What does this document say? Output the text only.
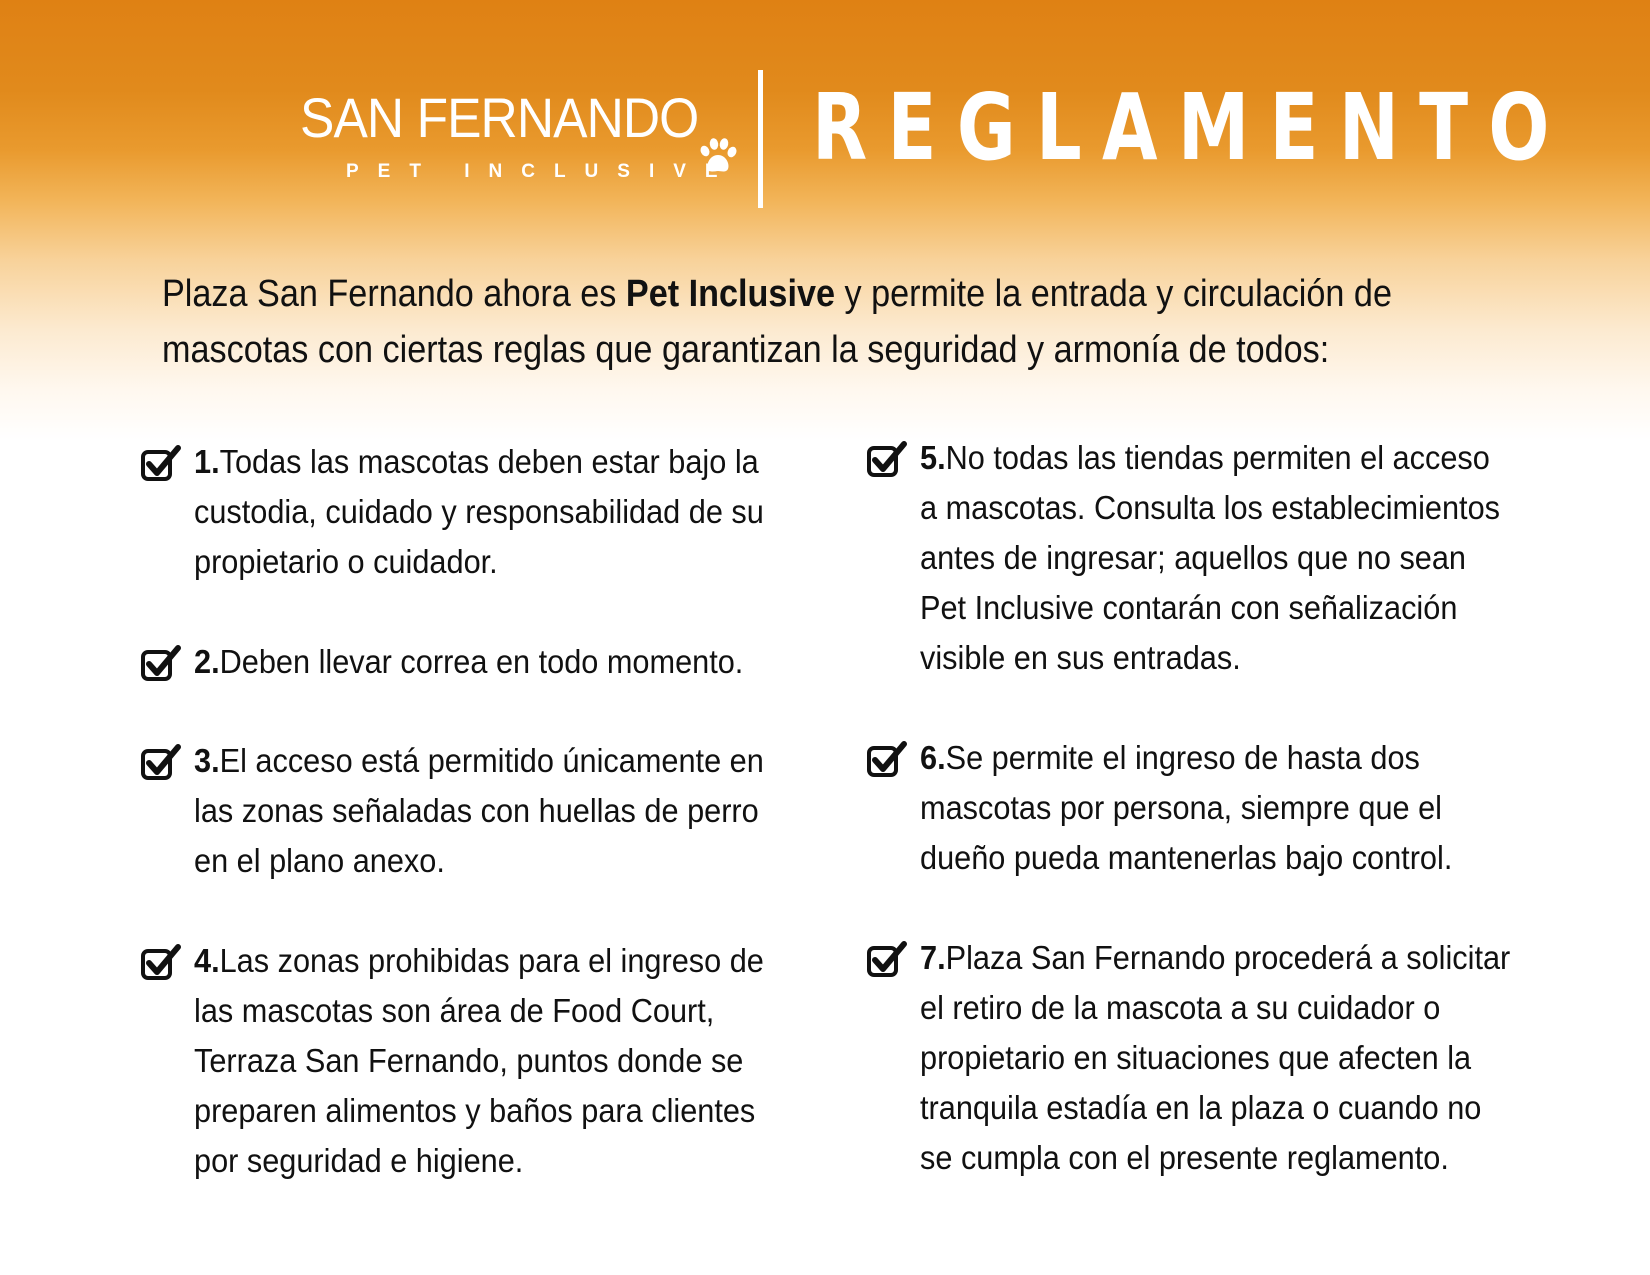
SAN FERNANDO
PET INCLUSIVE REGLAMENTO
Plaza San Fernando ahora es Pet Inclusive y permite la entrada y circulación de mascotas con ciertas reglas que garantizan la seguridad y armonía de todos:
1.Todas las mascotas deben estar bajo la custodia, cuidado y responsabilidad de su propietario o cuidador.
2.Deben llevar correa en todo momento.
3.El acceso está permitido únicamente en las zonas señaladas con huellas de perro en el plano anexo.
4.Las zonas prohibidas para el ingreso de las mascotas son área de Food Court, Terraza San Fernando, puntos donde se preparen alimentos y baños para clientes por seguridad e higiene.
5.No todas las tiendas permiten el acceso a mascotas. Consulta los establecimientos antes de ingresar; aquellos que no sean Pet Inclusive contarán con señalización visible en sus entradas.
6.Se permite el ingreso de hasta dos mascotas por persona, siempre que el dueño pueda mantenerlas bajo control.
7.Plaza San Fernando procederá a solicitar el retiro de la mascota a su cuidador o propietario en situaciones que afecten la tranquila estadía en la plaza o cuando no se cumpla con el presente reglamento.
